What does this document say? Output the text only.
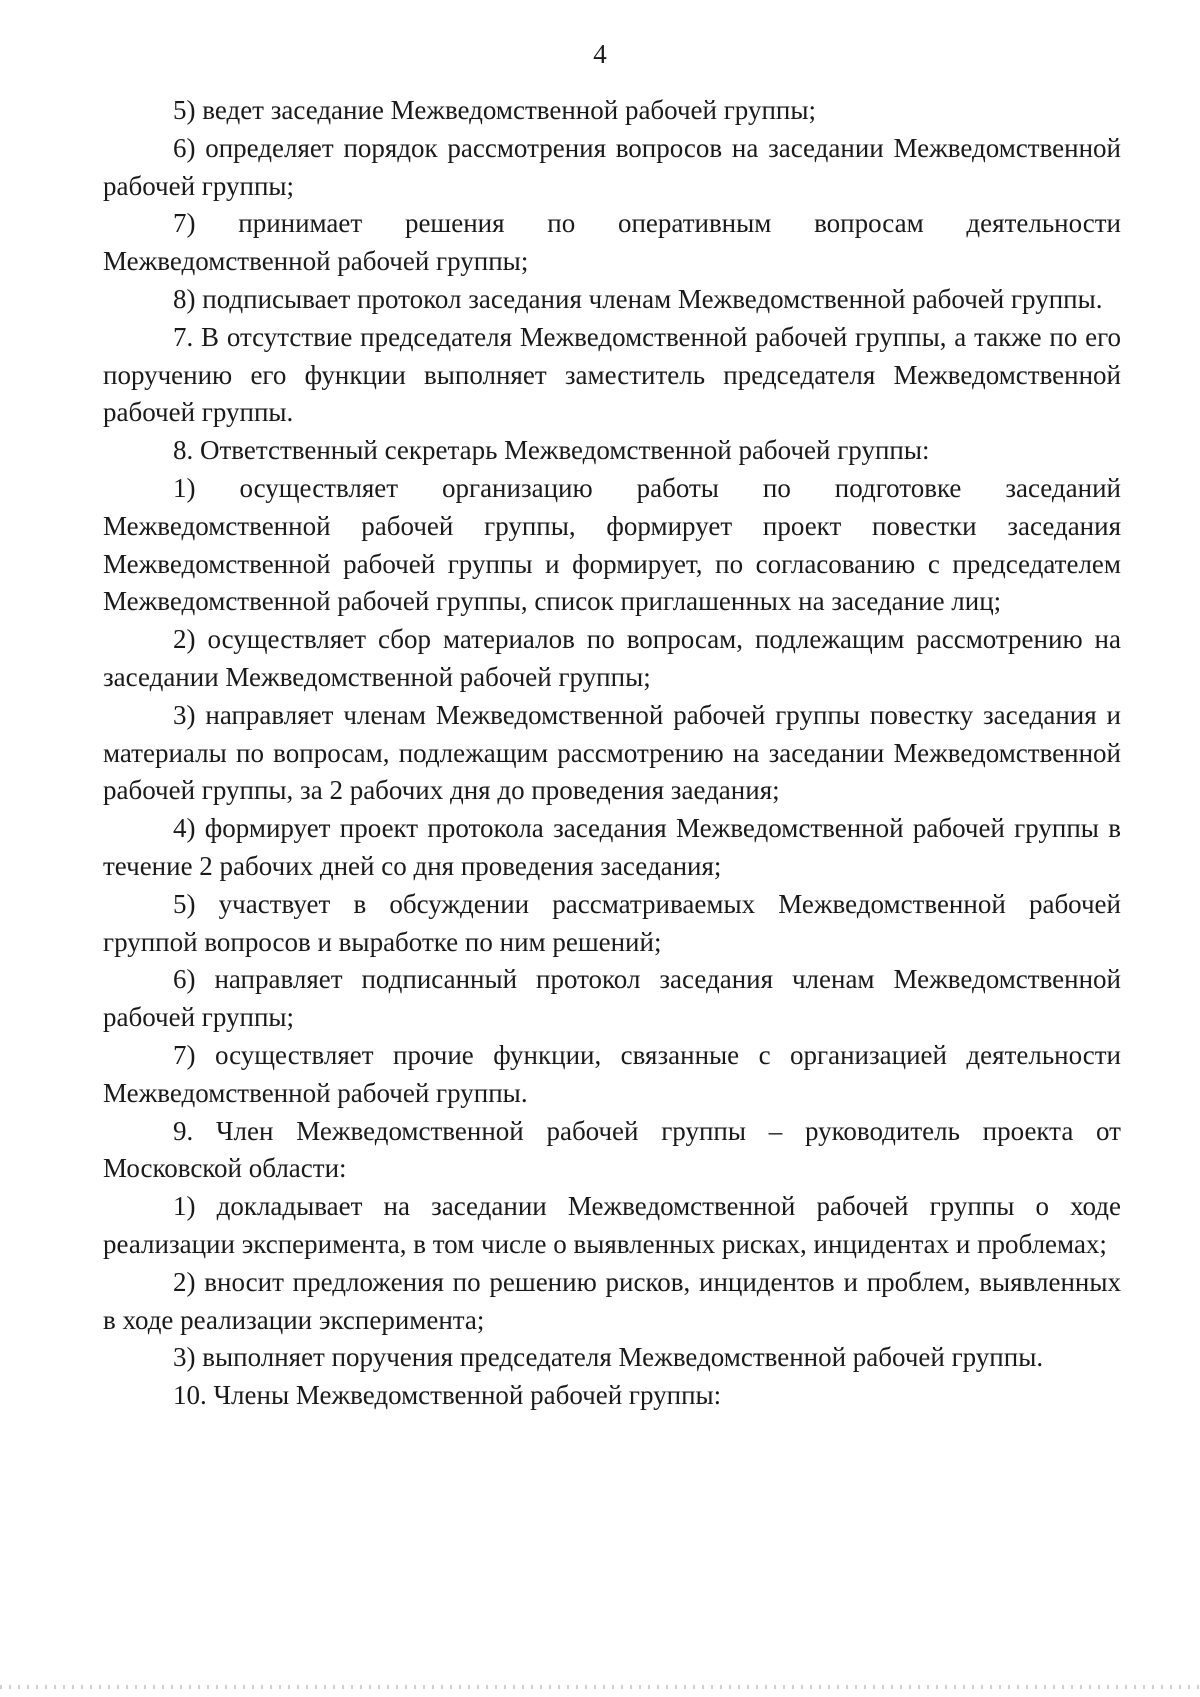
4

5) ведет заседание Межведомственной рабочей группы;

6) определяет порядок рассмотрения вопросов на заседании Межведомственной рабочей группы;

7) принимает решения по оперативным вопросам деятельности Межведомственной рабочей группы;

8) подписывает протокол заседания членам Межведомственной рабочей группы.

7. В отсутствие председателя Межведомственной рабочей группы, а также по его поручению его функции выполняет заместитель председателя Межведомственной рабочей группы.

8. Ответственный секретарь Межведомственной рабочей группы:

1) осуществляет организацию работы по подготовке заседаний Межведомственной рабочей группы, формирует проект повестки заседания Межведомственной рабочей группы и формирует, по согласованию с председателем Межведомственной рабочей группы, список приглашенных на заседание лиц;

2) осуществляет сбор материалов по вопросам, подлежащим рассмотрению на заседании Межведомственной рабочей группы;

3) направляет членам Межведомственной рабочей группы повестку заседания и материалы по вопросам, подлежащим рассмотрению на заседании Межведомственной рабочей группы, за 2 рабочих дня до проведения заедания;

4) формирует проект протокола заседания Межведомственной рабочей группы в течение 2 рабочих дней со дня проведения заседания;

5) участвует в обсуждении рассматриваемых Межведомственной рабочей группой вопросов и выработке по ним решений;

6) направляет подписанный протокол заседания членам Межведомственной рабочей группы;

7) осуществляет прочие функции, связанные с организацией деятельности Межведомственной рабочей группы.

9. Член Межведомственной рабочей группы – руководитель проекта от Московской области:

1) докладывает на заседании Межведомственной рабочей группы о ходе реализации эксперимента, в том числе о выявленных рисках, инцидентах и проблемах;

2) вносит предложения по решению рисков, инцидентов и проблем, выявленных в ходе реализации эксперимента;

3) выполняет поручения председателя Межведомственной рабочей группы.

10. Члены Межведомственной рабочей группы:
